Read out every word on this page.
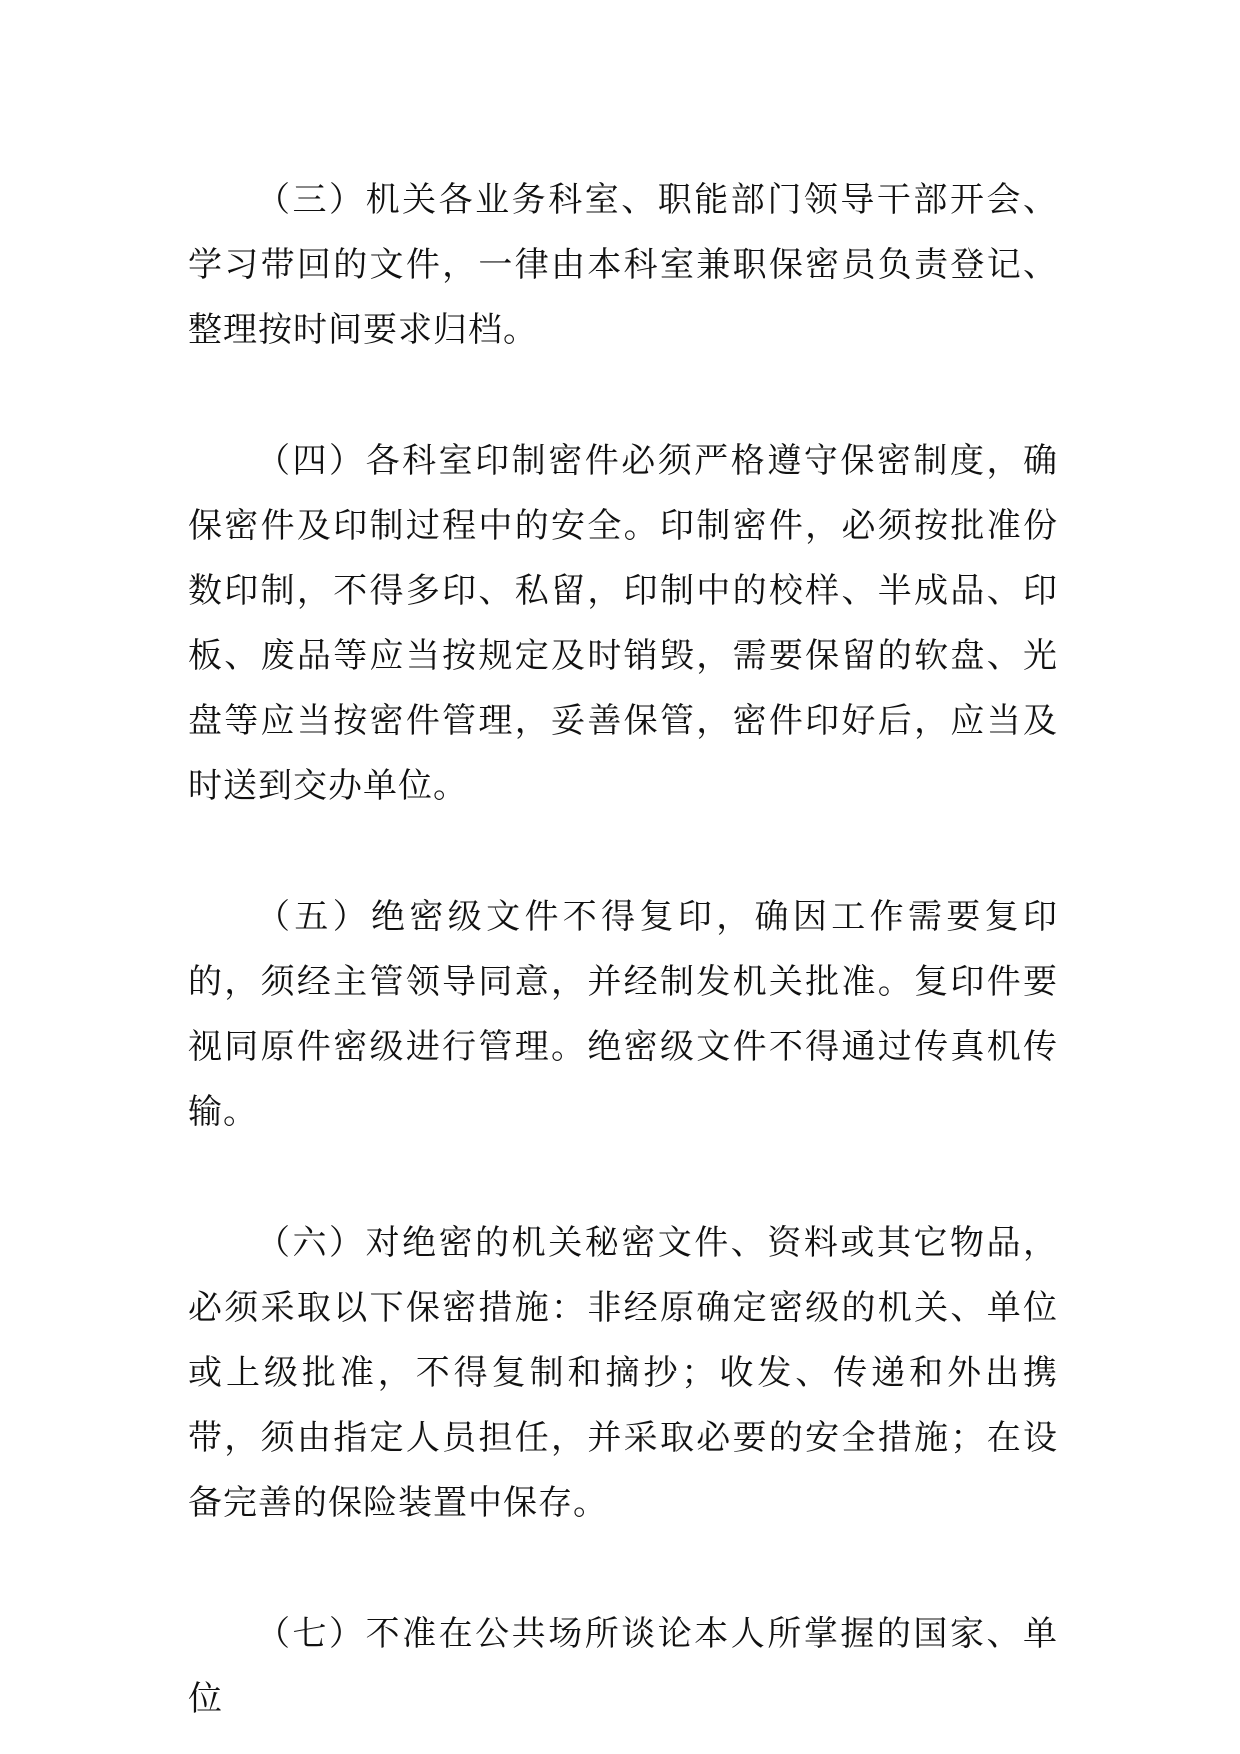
（三）机关各业务科室、职能部门领导干部开会、学习带回的文件，一律由本科室兼职保密员负责登记、整理按时间要求归档。

（四）各科室印制密件必须严格遵守保密制度，确保密件及印制过程中的安全。印制密件，必须按批准份数印制，不得多印、私留，印制中的校样、半成品、印板、废品等应当按规定及时销毁，需要保留的软盘、光盘等应当按密件管理，妥善保管，密件印好后，应当及时送到交办单位。

（五）绝密级文件不得复印，确因工作需要复印的，须经主管领导同意，并经制发机关批准。复印件要视同原件密级进行管理。绝密级文件不得通过传真机传输。

（六）对绝密的机关秘密文件、资料或其它物品，必须采取以下保密措施：非经原确定密级的机关、单位或上级批准，不得复制和摘抄；收发、传递和外出携带，须由指定人员担任，并采取必要的安全措施；在设备完善的保险装置中保存。

（七）不准在公共场所谈论本人所掌握的国家、单位
